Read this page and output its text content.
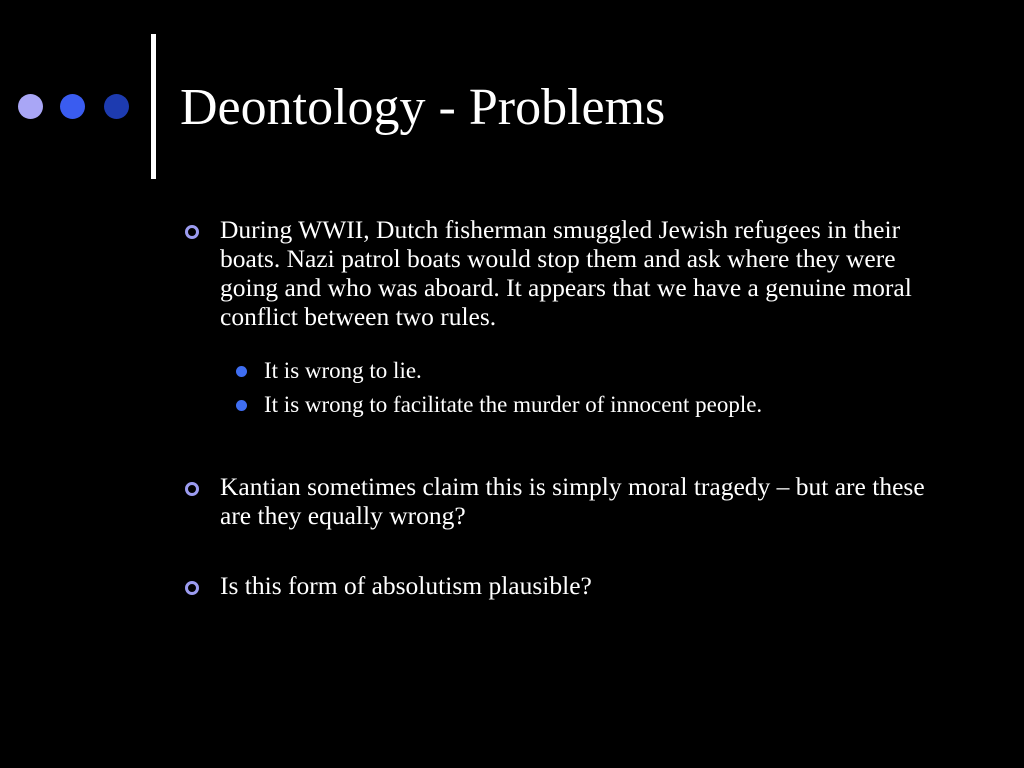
Deontology - Problems
During WWII, Dutch fisherman smuggled Jewish refugees in their boats. Nazi patrol boats would stop them and ask where they were going and who was aboard. It appears that we have a genuine moral conflict between two rules.
It is wrong to lie.
It is wrong to facilitate the murder of innocent people.
Kantian sometimes claim this is simply moral tragedy – but are these are they equally wrong?
Is this form of absolutism plausible?
